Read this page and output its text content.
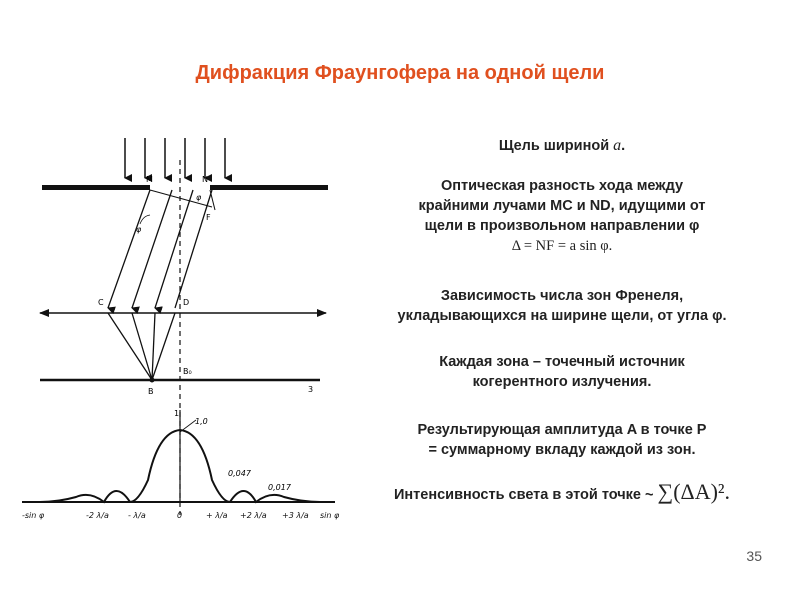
Дифракция Фраунгофера на одной щели
M	N
φ
F
φ
C	D
B
B₀
3
1
1,0
0,047
0,017
-sin φ	-2 λ/a - λ/a	0	+ λ/a +2 λ/a +3 λ/a sin φ
Щель шириной a.
Оптическая разность хода между
крайними лучами MC и ND, идущими от
щели в произвольном направлении φ
Δ = NF = a sin φ.
Зависимость числа зон Френеля,
укладывающихся на ширине щели, от угла φ.
Каждая зона – точечный источник
когерентного излучения.
Результирующая амплитуда A в точке P
= суммарному вкладу каждой из зон.
Интенсивность света в этой точке ~ ∑(ΔA)².
35
